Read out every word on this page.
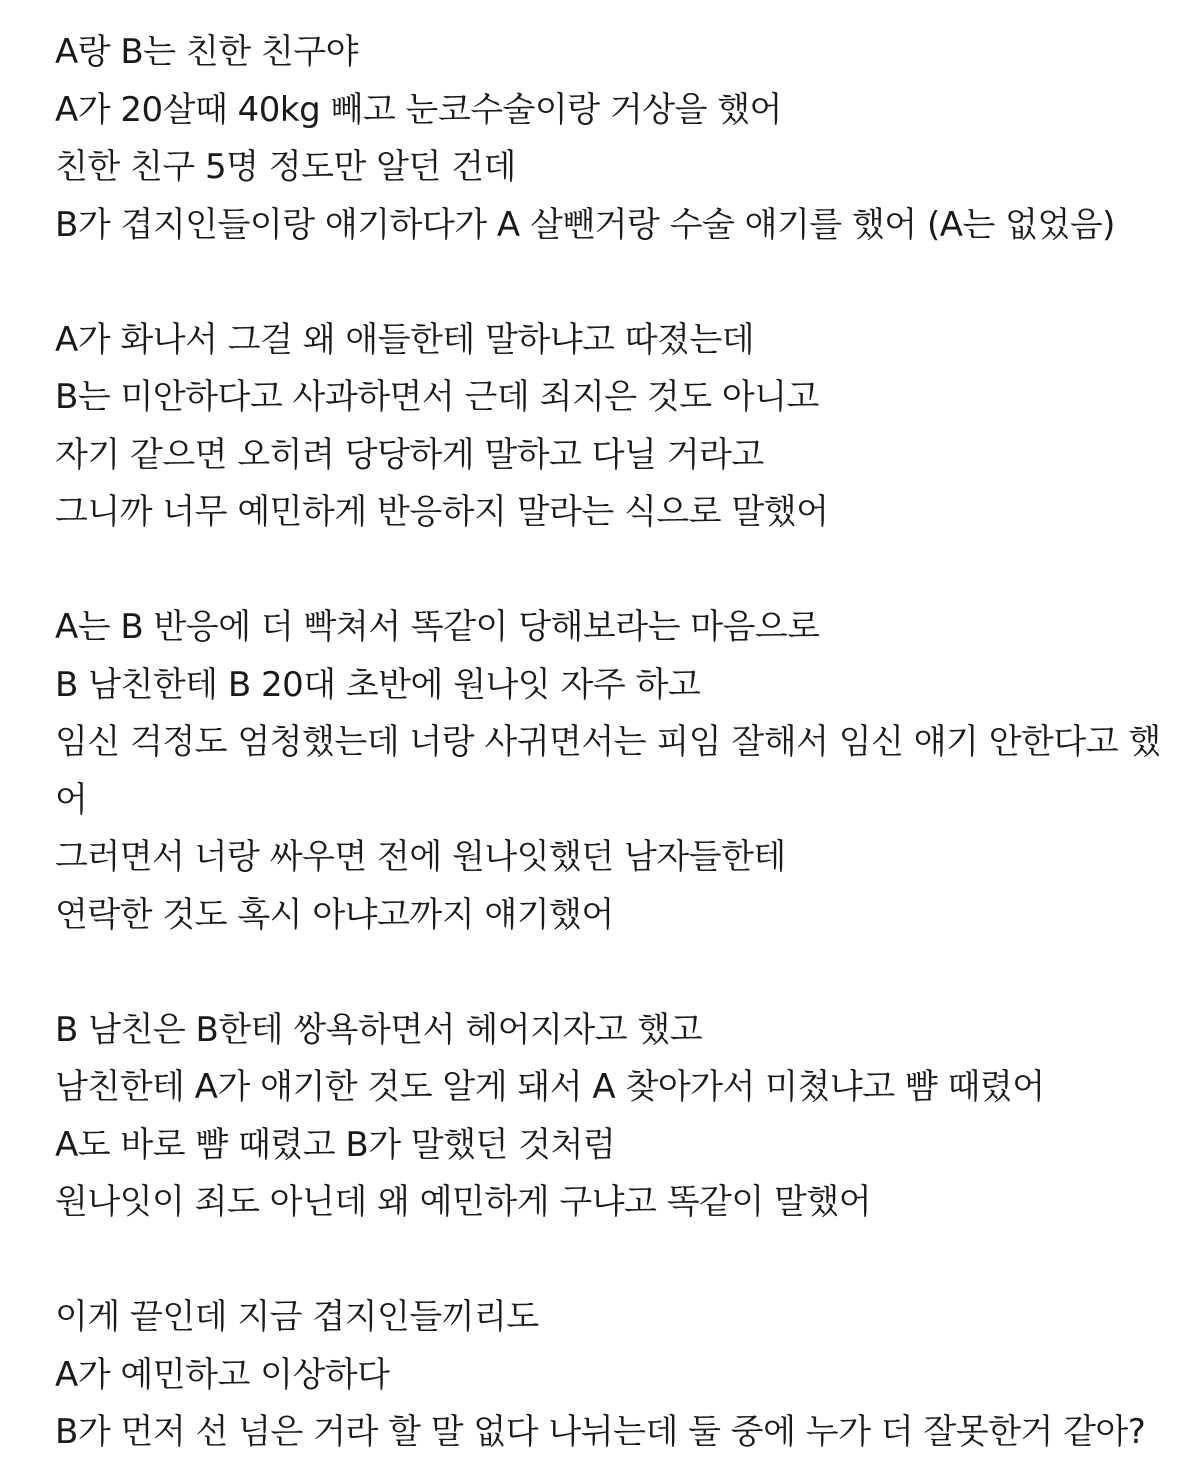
A랑 B는 친한 친구야
A가 20살때 40kg 빼고 눈코수술이랑 거상을 했어
친한 친구 5명 정도만 알던 건데
B가 겹지인들이랑 얘기하다가 A 살뺀거랑 수술 얘기를 했어 (A는 없었음)
A가 화나서 그걸 왜 애들한테 말하냐고 따졌는데
B는 미안하다고 사과하면서 근데 죄지은 것도 아니고
자기 같으면 오히려 당당하게 말하고 다닐 거라고
그니까 너무 예민하게 반응하지 말라는 식으로 말했어
A는 B 반응에 더 빡쳐서 똑같이 당해보라는 마음으로
B 남친한테 B 20대 초반에 원나잇 자주 하고
임신 걱정도 엄청했는데 너랑 사귀면서는 피임 잘해서 임신 얘기 안한다고 했
어
그러면서 너랑 싸우면 전에 원나잇했던 남자들한테
연락한 것도 혹시 아냐고까지 얘기했어
B 남친은 B한테 쌍욕하면서 헤어지자고 했고
남친한테 A가 얘기한 것도 알게 돼서 A 찾아가서 미쳤냐고 뺨 때렸어
A도 바로 뺨 때렸고 B가 말했던 것처럼
원나잇이 죄도 아닌데 왜 예민하게 구냐고 똑같이 말했어
이게 끝인데 지금 겹지인들끼리도
A가 예민하고 이상하다
B가 먼저 선 넘은 거라 할 말 없다 나뉘는데 둘 중에 누가 더 잘못한거 같아?
